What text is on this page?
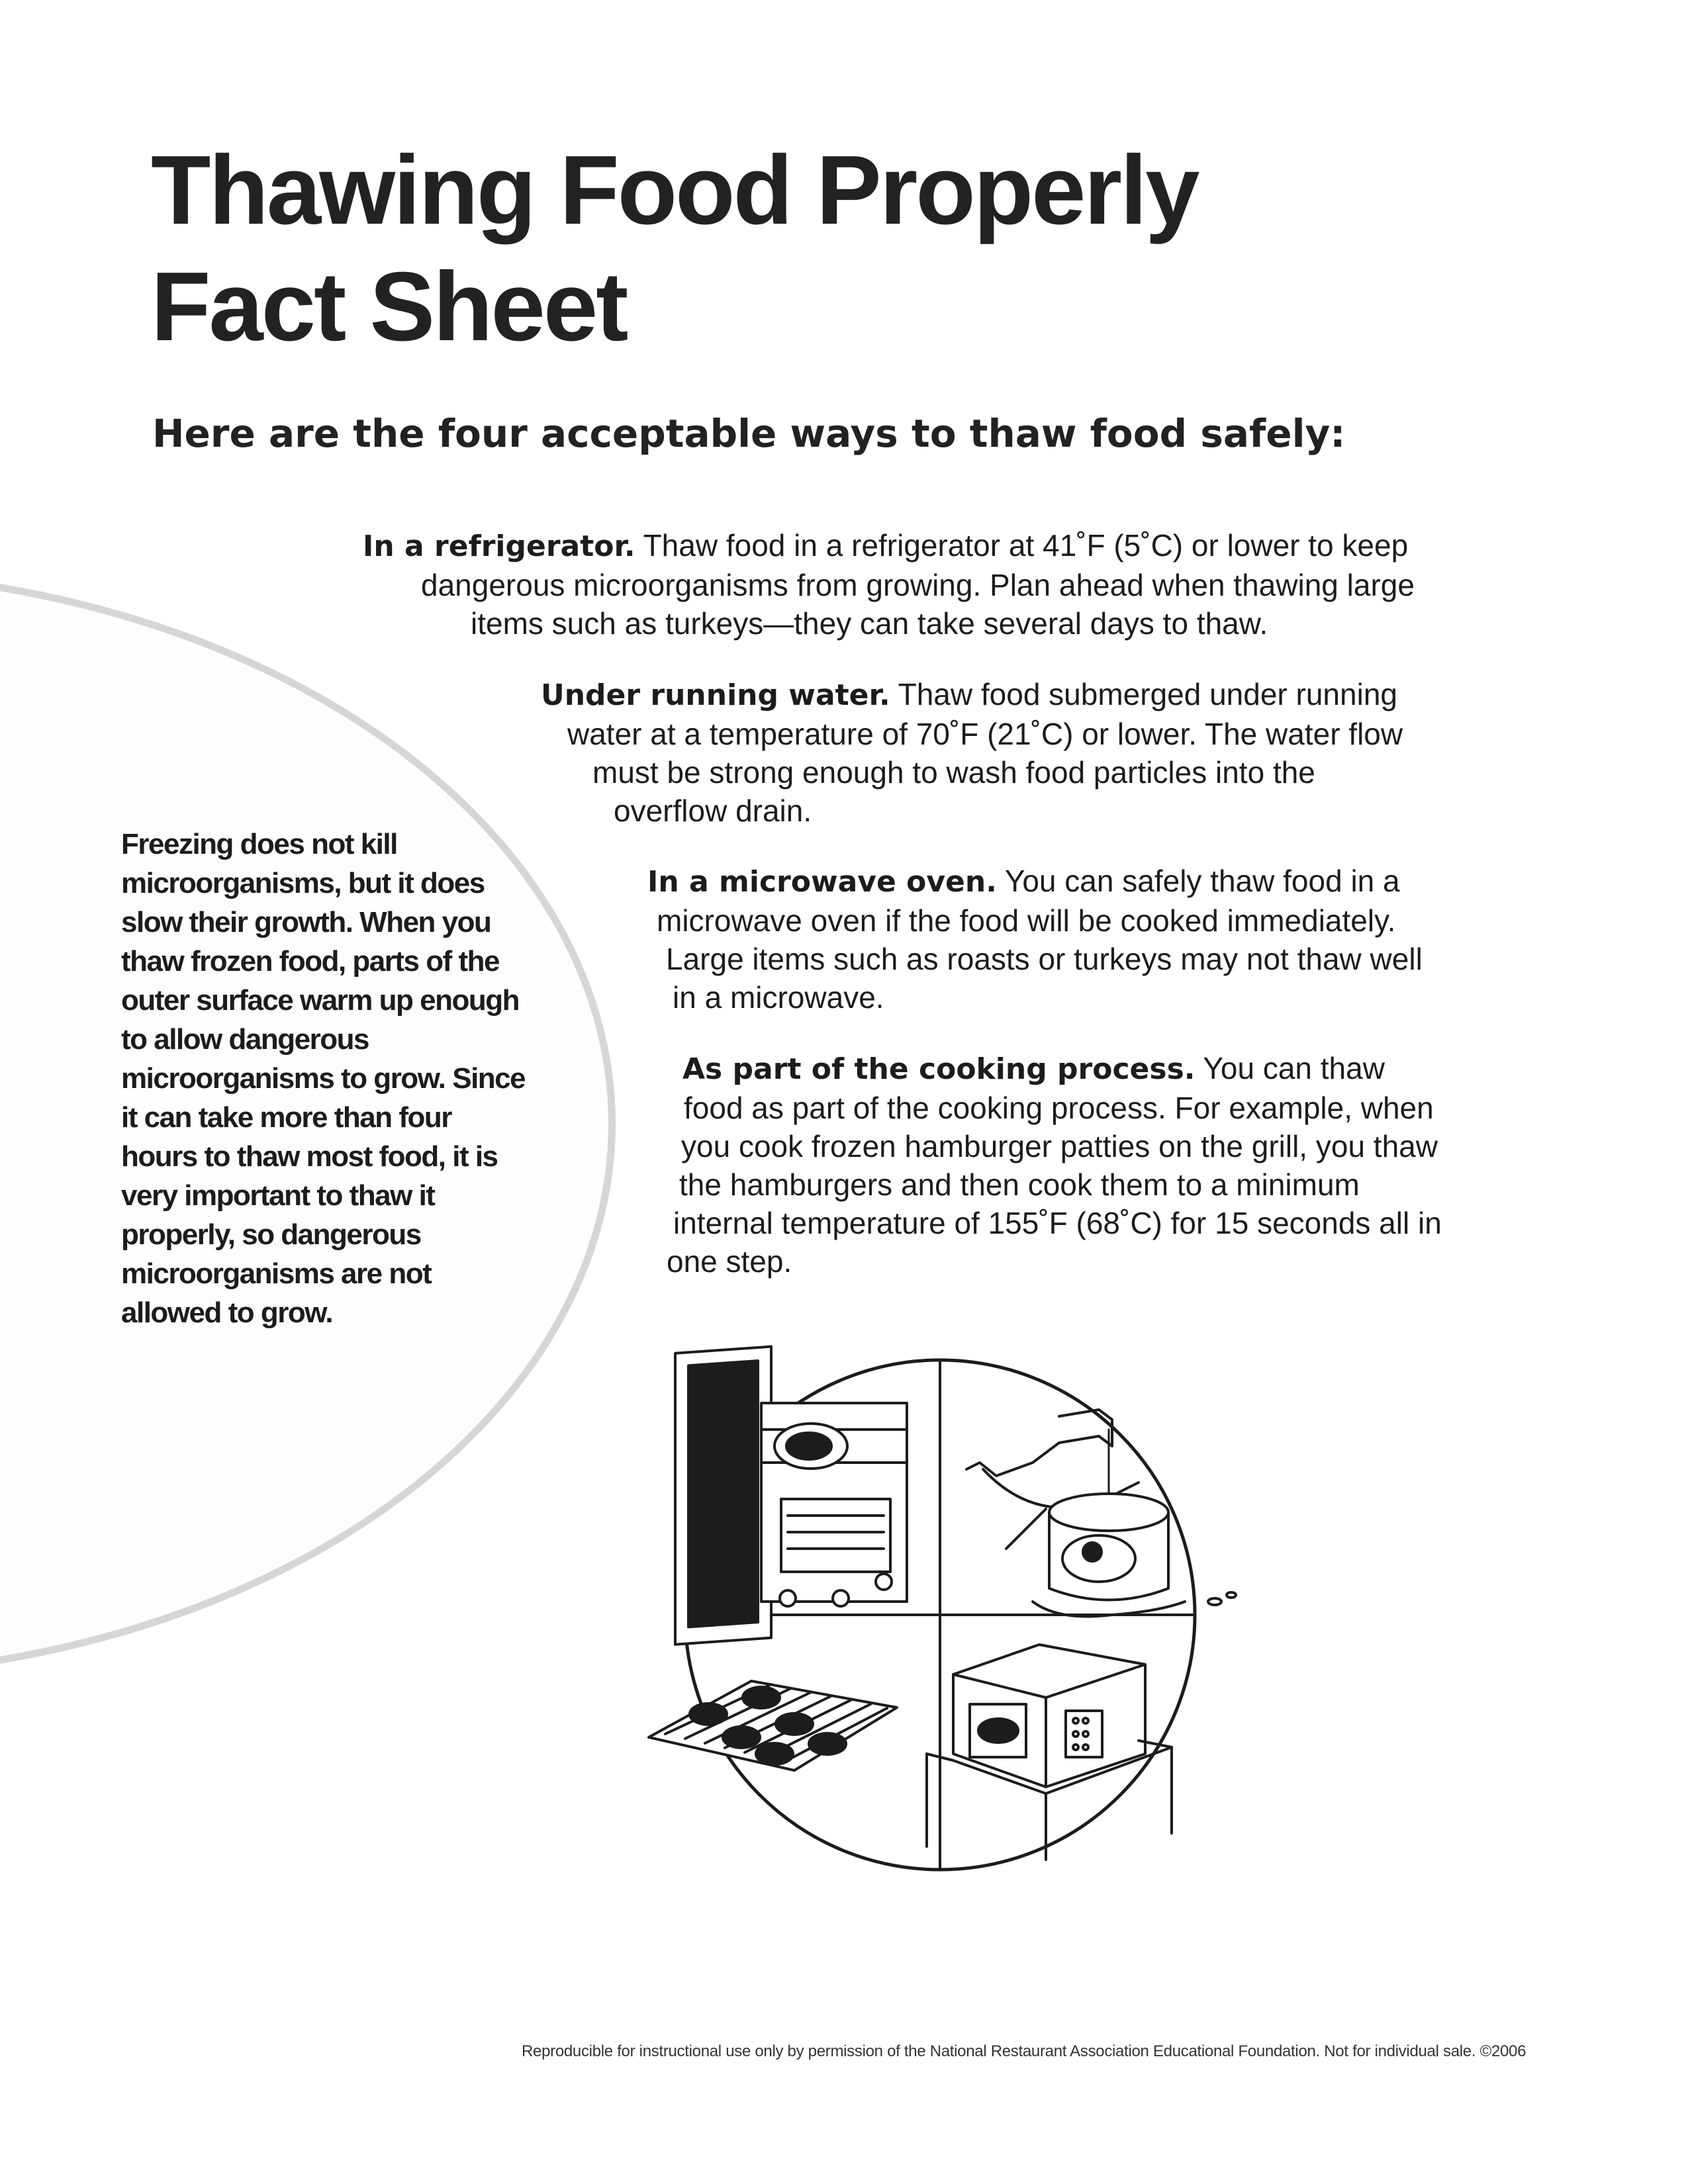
Thawing Food Properly
Fact Sheet
Here are the four acceptable ways to thaw food safely:

In a refrigerator. Thaw food in a refrigerator at 41˚F (5˚C) or lower to keep
dangerous microorganisms from growing. Plan ahead when thawing large
items such as turkeys—they can take several days to thaw.

Under running water. Thaw food submerged under running
water at a temperature of 70˚F (21˚C) or lower. The water flow
must be strong enough to wash food particles into the
overflow drain.

In a microwave oven. You can safely thaw food in a
microwave oven if the food will be cooked immediately.
Large items such as roasts or turkeys may not thaw well
in a microwave.

As part of the cooking process. You can thaw
food as part of the cooking process. For example, when
you cook frozen hamburger patties on the grill, you thaw
the hamburgers and then cook them to a minimum
internal temperature of 155˚F (68˚C) for 15 seconds all in
one step.

Freezing does not kill
microorganisms, but it does
slow their growth. When you
thaw frozen food, parts of the
outer surface warm up enough
to allow dangerous
microorganisms to grow. Since
it can take more than four
hours to thaw most food, it is
very important to thaw it
properly, so dangerous
microorganisms are not
allowed to grow.

Reproducible for instructional use only by permission of the National Restaurant Association Educational Foundation. Not for individual sale. ©2006
